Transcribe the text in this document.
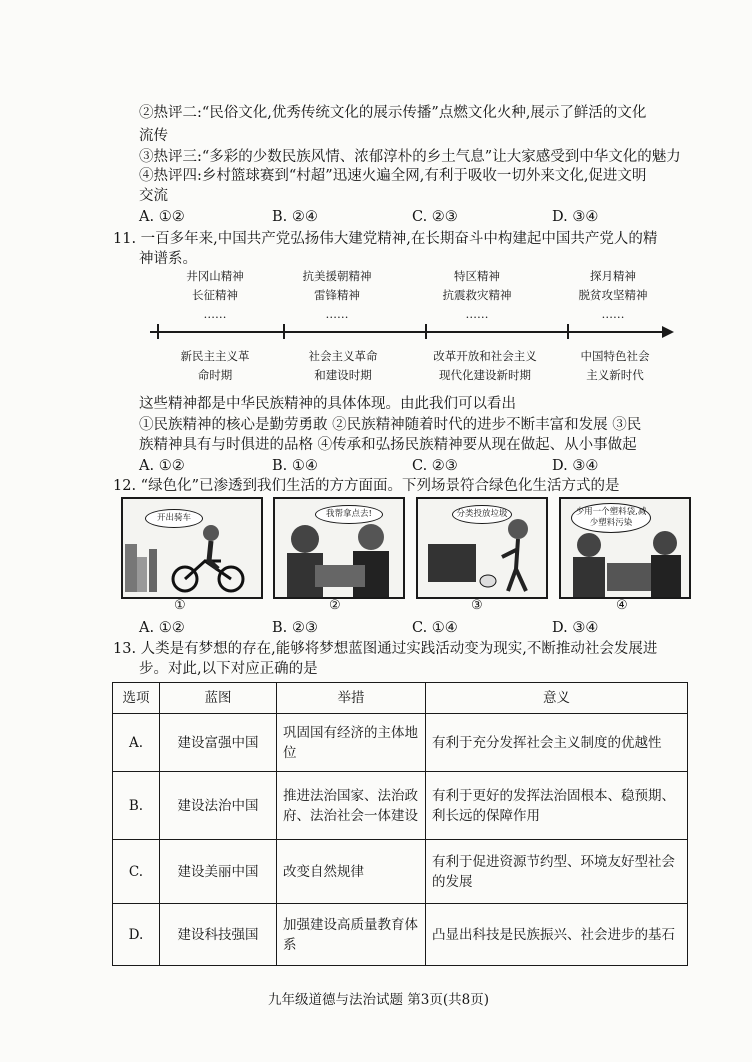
②热评二:“民俗文化,优秀传统文化的展示传播”点燃文化火种,展示了鲜活的文化
流传
③热评三:“多彩的少数民族风情、浓郁淳朴的乡土气息”让大家感受到中华文化的魅力
④热评四:乡村篮球赛到“村超”迅速火遍全网,有利于吸收一切外来文化,促进文明
交流
A. ①②	B. ②④	C. ②③	D. ③④
11. 一百多年来,中国共产党弘扬伟大建党精神,在长期奋斗中构建起中国共产党人的精
神谱系。
井冈山精神
长征精神
……
抗美援朝精神
雷锋精神
……
特区精神
抗震救灾精神
……
探月精神
脱贫攻坚精神
……
新民主主义革
命时期
社会主义革命
和建设时期
改革开放和社会主义
现代化建设新时期
中国特色社会
主义新时代
这些精神都是中华民族精神的具体体现。由此我们可以看出
①民族精神的核心是勤劳勇敢 ②民族精神随着时代的进步不断丰富和发展 ③民
族精神具有与时俱进的品格 ④传承和弘扬民族精神要从现在做起、从小事做起
A. ①②	B. ①④	C. ②③	D. ③④
12. “绿色化”已渗透到我们生活的方方面面。下列场景符合绿色化生活方式的是
开出骑车	我帮拿点去!	分类投放垃圾	少用一个塑料袋,减少塑料污染
①	②	③	④
A. ①②	B. ②③	C. ①④	D. ③④
13. 人类是有梦想的存在,能够将梦想蓝图通过实践活动变为现实,不断推动社会发展进
步。对此,以下对应正确的是
选项	蓝图	举措	意义
A.	建设富强中国	巩固国有经济的主体地位	有利于充分发挥社会主义制度的优越性
B.	建设法治中国	推进法治国家、法治政府、法治社会一体建设	有利于更好的发挥法治固根本、稳预期、利长远的保障作用
C.	建设美丽中国	改变自然规律	有利于促进资源节约型、环境友好型社会的发展
D.	建设科技强国	加强建设高质量教育体系	凸显出科技是民族振兴、社会进步的基石
九年级道德与法治试题 第3页(共8页)
